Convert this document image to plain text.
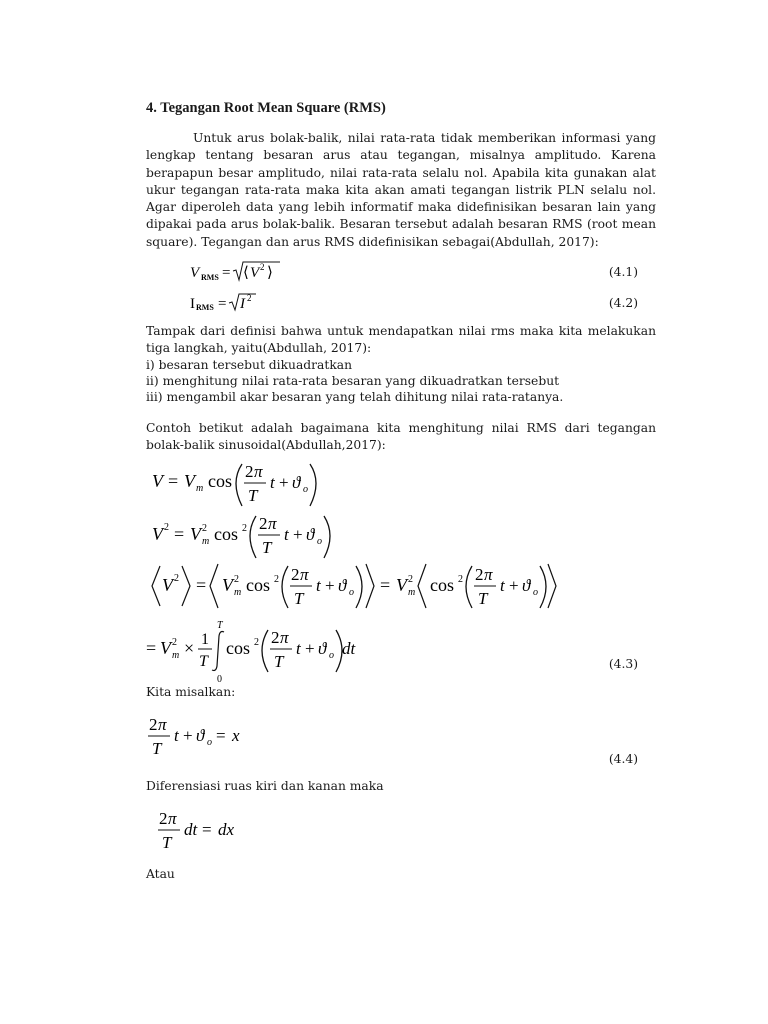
4. Tegangan Root Mean Square (RMS)

Untuk arus bolak-balik, nilai rata-rata tidak memberikan informasi yang lengkap tentang besaran arus atau tegangan, misalnya amplitudo. Karena berapapun besar amplitudo, nilai rata-rata selalu nol. Apabila kita gunakan alat ukur tegangan rata-rata maka kita akan amati tegangan listrik PLN selalu nol. Agar diperoleh data yang lebih informatif maka didefinisikan besaran lain yang dipakai pada arus bolak-balik. Besaran tersebut adalah besaran RMS (root mean square). Tegangan dan arus RMS didefinisikan sebagai(Abdullah, 2017):

V RMS = ⟨ V 2 ⟩	(4.1)
I RMS = I 2	(4.2)

Tampak dari definisi bahwa untuk mendapatkan nilai rms maka kita melakukan tiga langkah, yaitu(Abdullah, 2017):

i) besaran tersebut dikuadratkan
ii) menghitung nilai rata-rata besaran yang dikuadratkan tersebut
iii) mengambil akar besaran yang telah dihitung nilai rata-ratanya.

Contoh betikut adalah bagaimana kita menghitung nilai RMS dari tegangan bolak-balik sinusoidal(Abdullah,2017):

V = V m cos 2 π
T
t + ϑ o
V 2 = V 2
m cos 2 2 π
T
t + ϑ o
V 2 = V 2
m cos 2 2 π
T
t + ϑ o = V 2
m cos 2 2 π
T
t + ϑ o
= V 2
m × 1
T
T
0
cos 2 2 π
T
t + ϑ o dt
(4.3)
Kita misalkan:
2 π
T
t + ϑ o = x
(4.4)
Diferensiasi ruas kiri dan kanan maka
2 π
T
dt = dx
Atau
